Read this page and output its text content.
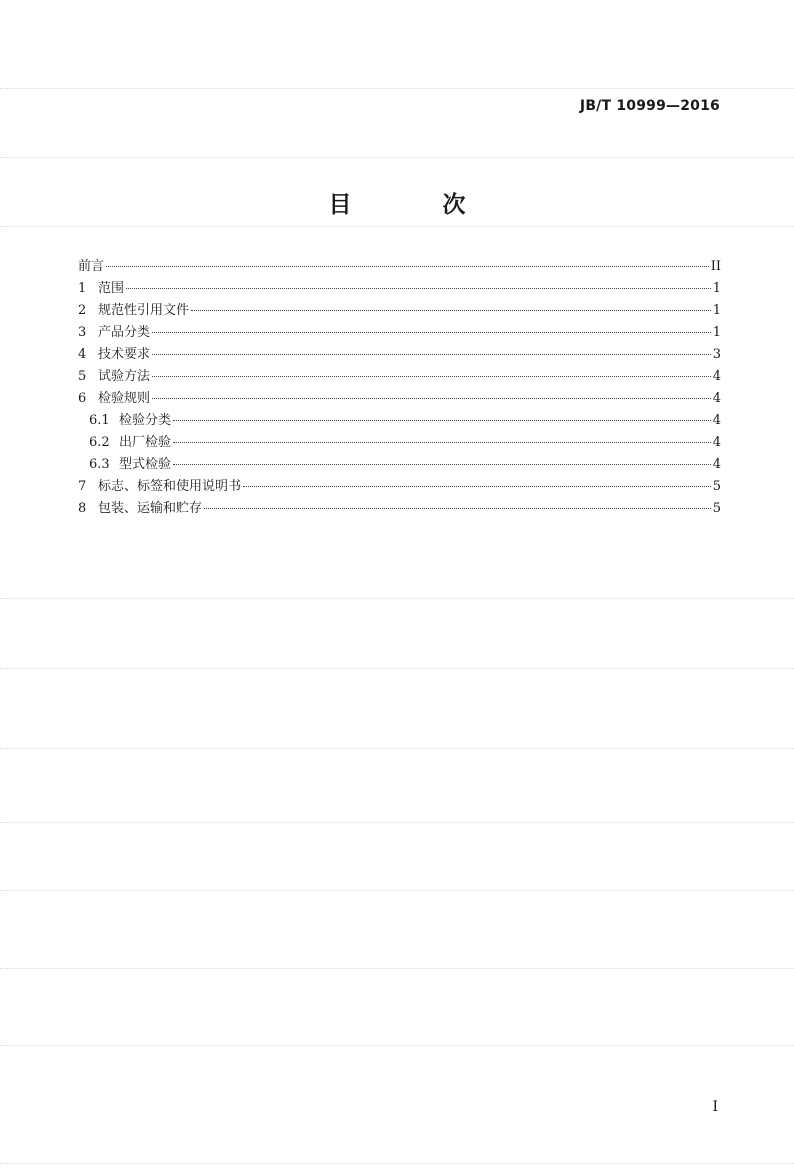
JB/T 10999—2016
目　次
前言	II
1 范围	1
2 规范性引用文件	1
3 产品分类	1
4 技术要求	3
5 试验方法	4
6 检验规则	4
6.1 检验分类	4
6.2 出厂检验	4
6.3 型式检验	4
7 标志、标签和使用说明书	5
8 包装、运输和贮存	5
I
